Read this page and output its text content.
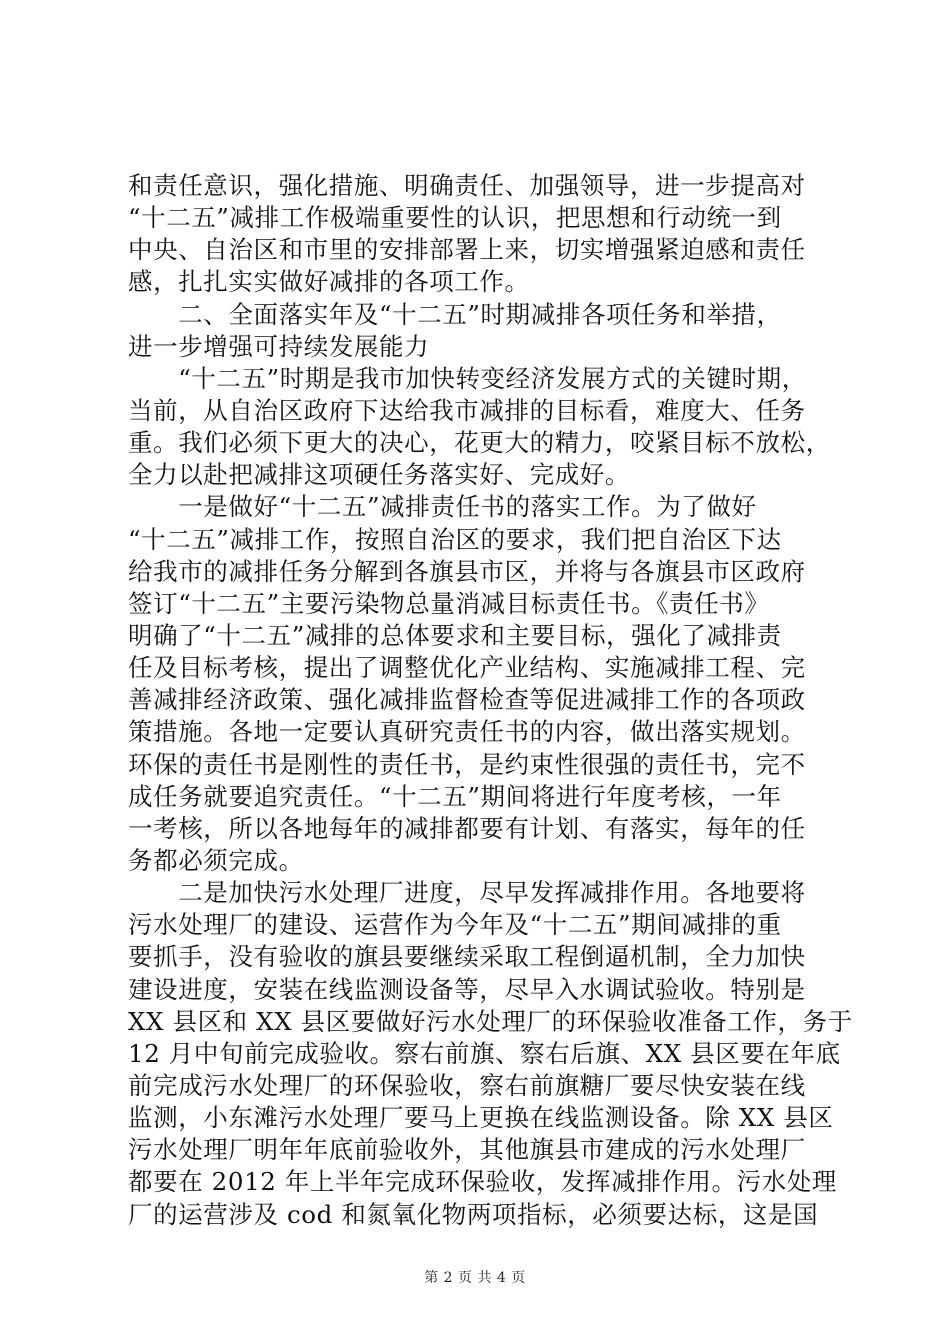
和责任意识，强化措施、明确责任、加强领导，进一步提高对
“十二五”减排工作极端重要性的认识，把思想和行动统一到
中央、自治区和市里的安排部署上来，切实增强紧迫感和责任
感，扎扎实实做好减排的各项工作。
　　二、全面落实年及“十二五”时期减排各项任务和举措，
进一步增强可持续发展能力
　　“十二五”时期是我市加快转变经济发展方式的关键时期，
当前，从自治区政府下达给我市减排的目标看，难度大、任务
重。我们必须下更大的决心，花更大的精力，咬紧目标不放松，
全力以赴把减排这项硬任务落实好、完成好。
　　一是做好“十二五”减排责任书的落实工作。为了做好
“十二五”减排工作，按照自治区的要求，我们把自治区下达
给我市的减排任务分解到各旗县市区，并将与各旗县市区政府
签订“十二五”主要污染物总量消减目标责任书。《责任书》
明确了“十二五”减排的总体要求和主要目标，强化了减排责
任及目标考核，提出了调整优化产业结构、实施减排工程、完
善减排经济政策、强化减排监督检查等促进减排工作的各项政
策措施。各地一定要认真研究责任书的内容，做出落实规划。
环保的责任书是刚性的责任书，是约束性很强的责任书，完不
成任务就要追究责任。“十二五”期间将进行年度考核，一年
一考核，所以各地每年的减排都要有计划、有落实，每年的任
务都必须完成。
　　二是加快污水处理厂进度，尽早发挥减排作用。各地要将
污水处理厂的建设、运营作为今年及“十二五”期间减排的重
要抓手，没有验收的旗县要继续采取工程倒逼机制，全力加快
建设进度，安装在线监测设备等，尽早入水调试验收。特别是
XX 县区和 XX 县区要做好污水处理厂的环保验收准备工作，务于
12 月中旬前完成验收。察右前旗、察右后旗、XX 县区要在年底
前完成污水处理厂的环保验收，察右前旗糖厂要尽快安装在线
监测，小东滩污水处理厂要马上更换在线监测设备。除 XX 县区
污水处理厂明年年底前验收外，其他旗县市建成的污水处理厂
都要在 2012 年上半年完成环保验收，发挥减排作用。污水处理
厂的运营涉及 cod 和氮氧化物两项指标，必须要达标，这是国
第 2 页 共 4 页
